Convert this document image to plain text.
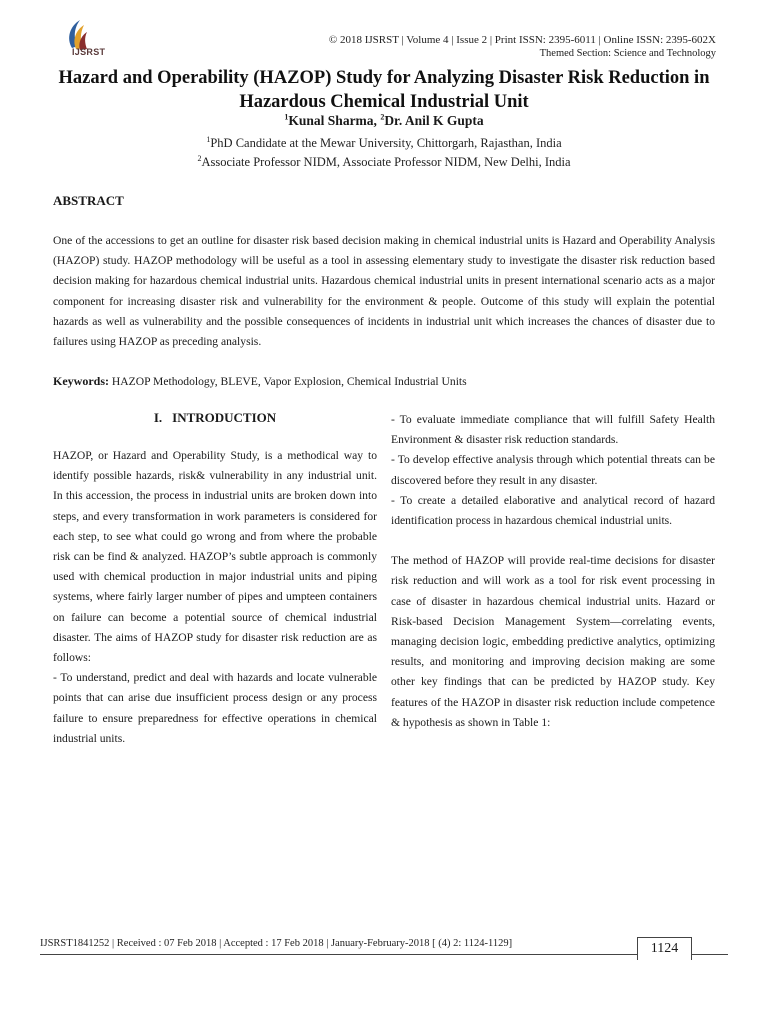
IJSRST
© 2018 IJSRST | Volume 4 | Issue 2 | Print ISSN: 2395-6011 | Online ISSN: 2395-602X
Themed Section: Science and Technology
Hazard and Operability (HAZOP) Study for Analyzing Disaster Risk Reduction in Hazardous Chemical Industrial Unit
$^1$Kunal Sharma, $^2$Dr. Anil K Gupta
$^1$PhD Candidate at the Mewar University, Chittorgarh, Rajasthan, India
$^2$Associate Professor NIDM, Associate Professor NIDM, New Delhi, India
ABSTRACT
One of the accessions to get an outline for disaster risk based decision making in chemical industrial units is Hazard and Operability Analysis (HAZOP) study. HAZOP methodology will be useful as a tool in assessing elementary study to investigate the disaster risk reduction based decision making for hazardous chemical industrial units. Hazardous chemical industrial units in present international scenario acts as a major component for increasing disaster risk and vulnerability for the environment & people. Outcome of this study will explain the potential hazards as well as vulnerability and the possible consequences of incidents in industrial unit which increases the chances of disaster due to failures using HAZOP as preceding analysis.
Keywords: HAZOP Methodology, BLEVE, Vapor Explosion, Chemical Industrial Units
I. INTRODUCTION

HAZOP, or Hazard and Operability Study, is a methodical way to identify possible hazards, risk& vulnerability in any industrial unit. In this accession, the process in industrial units are broken down into steps, and every transformation in work parameters is considered for each step, to see what could go wrong and from where the probable risk can be find & analyzed. HAZOP’s subtle approach is commonly used with chemical production in major industrial units and piping systems, where fairly larger number of pipes and umpteen containers on failure can become a potential source of chemical industrial disaster. The aims of HAZOP study for disaster risk reduction are as follows:

- To understand, predict and deal with hazards and locate vulnerable points that can arise due insufficient process design or any process failure to ensure preparedness for effective operations in chemical industrial units.

- To evaluate immediate compliance that will fulfill Safety Health Environment & disaster risk reduction standards.

- To develop effective analysis through which potential threats can be discovered before they result in any disaster.

- To create a detailed elaborative and analytical record of hazard identification process in hazardous chemical industrial units.

The method of HAZOP will provide real-time decisions for disaster risk reduction and will work as a tool for risk event processing in case of disaster in hazardous chemical industrial units. Hazard or Risk-based Decision Management System—correlating events, managing decision logic, embedding predictive analytics, optimizing results, and monitoring and improving decision making are some other key findings that can be predicted by HAZOP study. Key features of the HAZOP in disaster risk reduction include competence & hypothesis as shown in Table 1:

IJSRST1841252 | Received : 07 Feb 2018 | Accepted : 17 Feb 2018 | January-February-2018 [ (4) 2: 1124-1129]	1124
